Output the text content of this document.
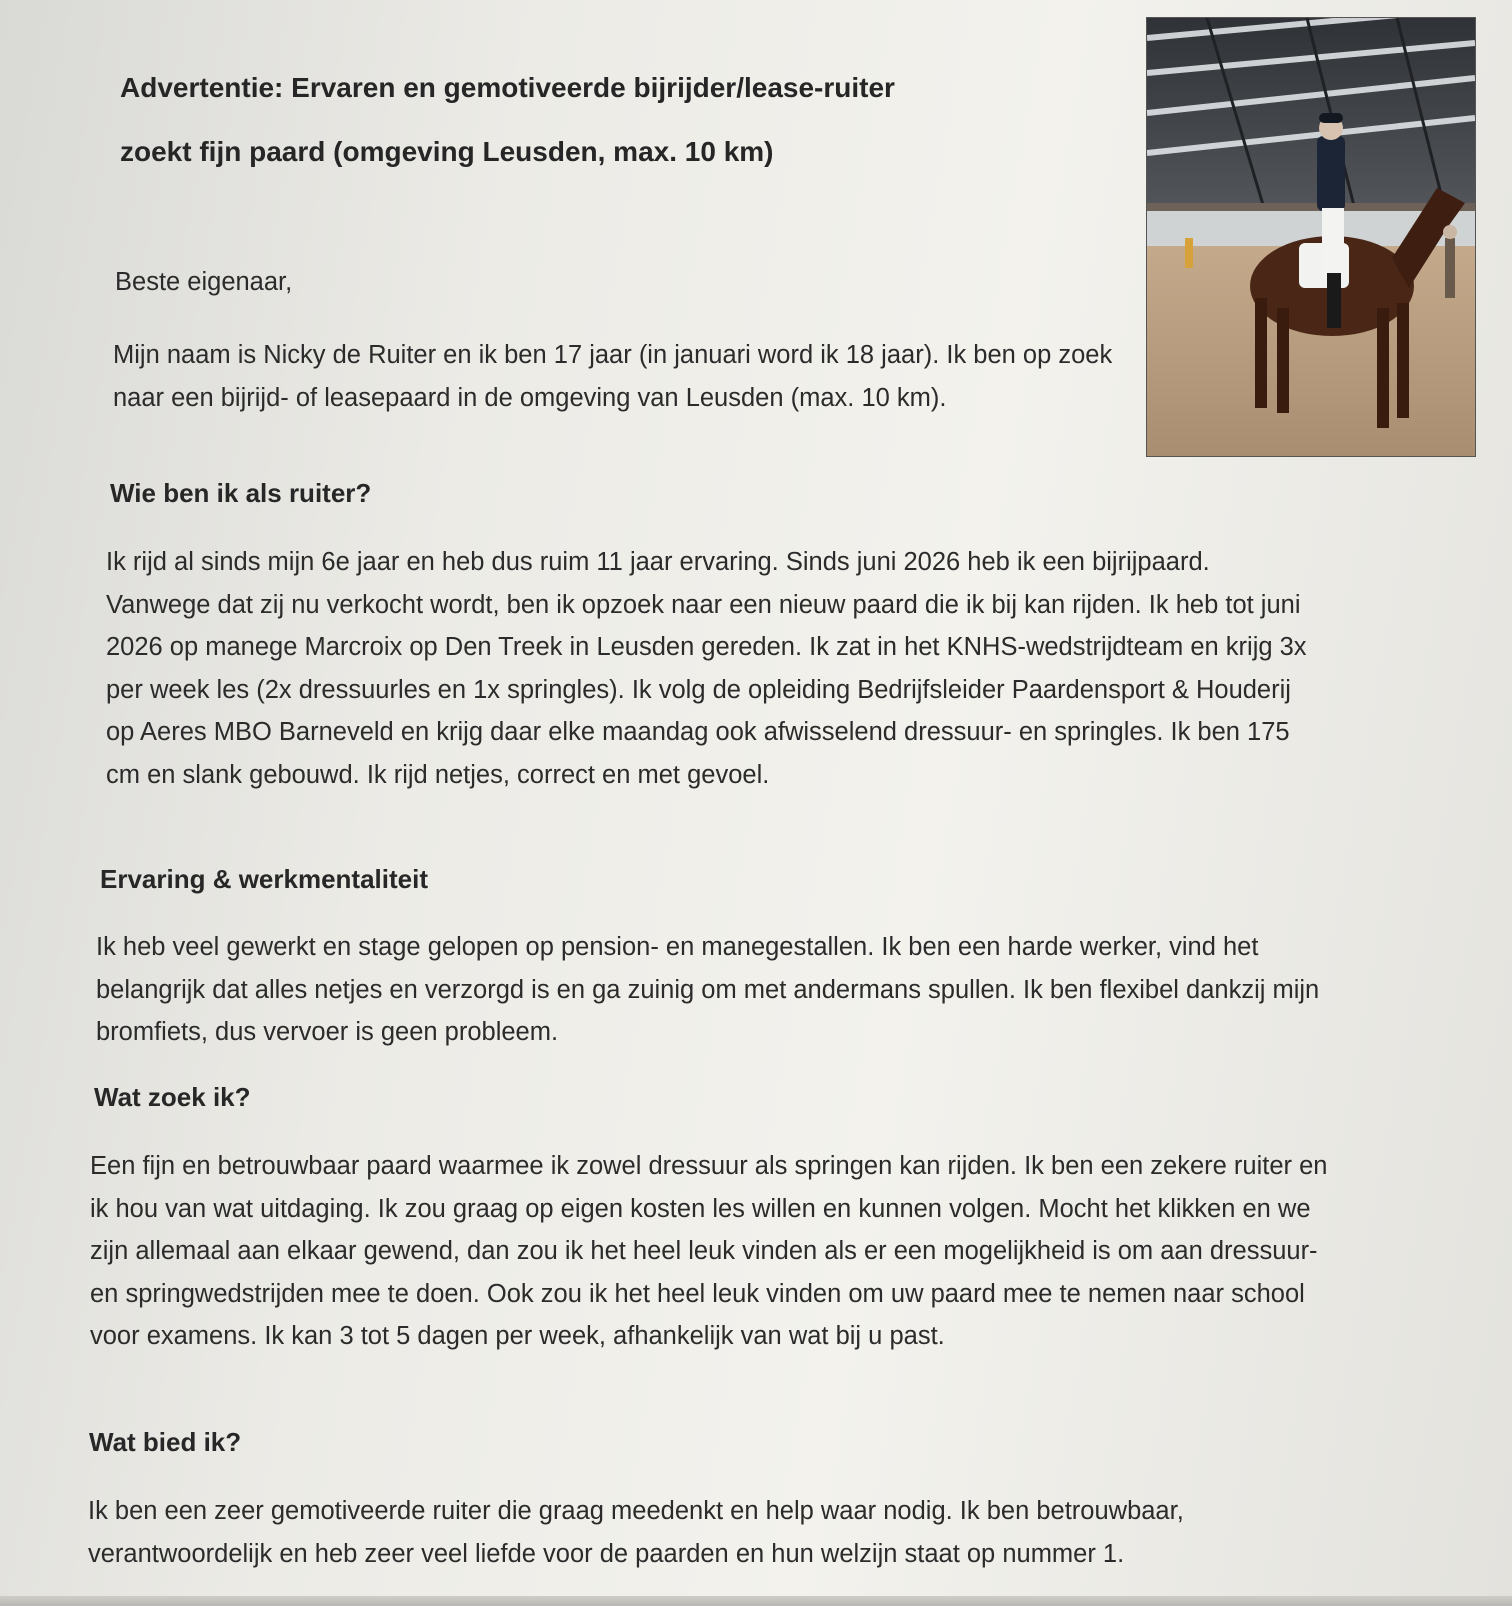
Advertentie: Ervaren en gemotiveerde bijrijder/lease-ruiter
zoekt fijn paard (omgeving Leusden, max. 10 km)
Beste eigenaar,
Mijn naam is Nicky de Ruiter en ik ben 17 jaar (in januari word ik 18 jaar). Ik ben op zoek naar een bijrijd- of leasepaard in de omgeving van Leusden (max. 10 km).
Wie ben ik als ruiter?
Ik rijd al sinds mijn 6e jaar en heb dus ruim 11 jaar ervaring. Sinds juni 2026 heb ik een bijrijpaard. Vanwege dat zij nu verkocht wordt, ben ik opzoek naar een nieuw paard die ik bij kan rijden. Ik heb tot juni 2026 op manege Marcroix op Den Treek in Leusden gereden. Ik zat in het KNHS-wedstrijdteam en krijg 3x per week les (2x dressuurles en 1x springles). Ik volg de opleiding Bedrijfsleider Paardensport & Houderij op Aeres MBO Barneveld en krijg daar elke maandag ook afwisselend dressuur- en springles. Ik ben 175 cm en slank gebouwd. Ik rijd netjes, correct en met gevoel.
Ervaring & werkmentaliteit
Ik heb veel gewerkt en stage gelopen op pension- en manegestallen. Ik ben een harde werker, vind het belangrijk dat alles netjes en verzorgd is en ga zuinig om met andermans spullen. Ik ben flexibel dankzij mijn bromfiets, dus vervoer is geen probleem.
Wat zoek ik?
Een fijn en betrouwbaar paard waarmee ik zowel dressuur als springen kan rijden. Ik ben een zekere ruiter en ik hou van wat uitdaging. Ik zou graag op eigen kosten les willen en kunnen volgen. Mocht het klikken en we zijn allemaal aan elkaar gewend, dan zou ik het heel leuk vinden als er een mogelijkheid is om aan dressuur- en springwedstrijden mee te doen. Ook zou ik het heel leuk vinden om uw paard mee te nemen naar school voor examens. Ik kan 3 tot 5 dagen per week, afhankelijk van wat bij u past.
Wat bied ik?
Ik ben een zeer gemotiveerde ruiter die graag meedenkt en help waar nodig. Ik ben betrouwbaar, verantwoordelijk en heb zeer veel liefde voor de paarden en hun welzijn staat op nummer 1.
